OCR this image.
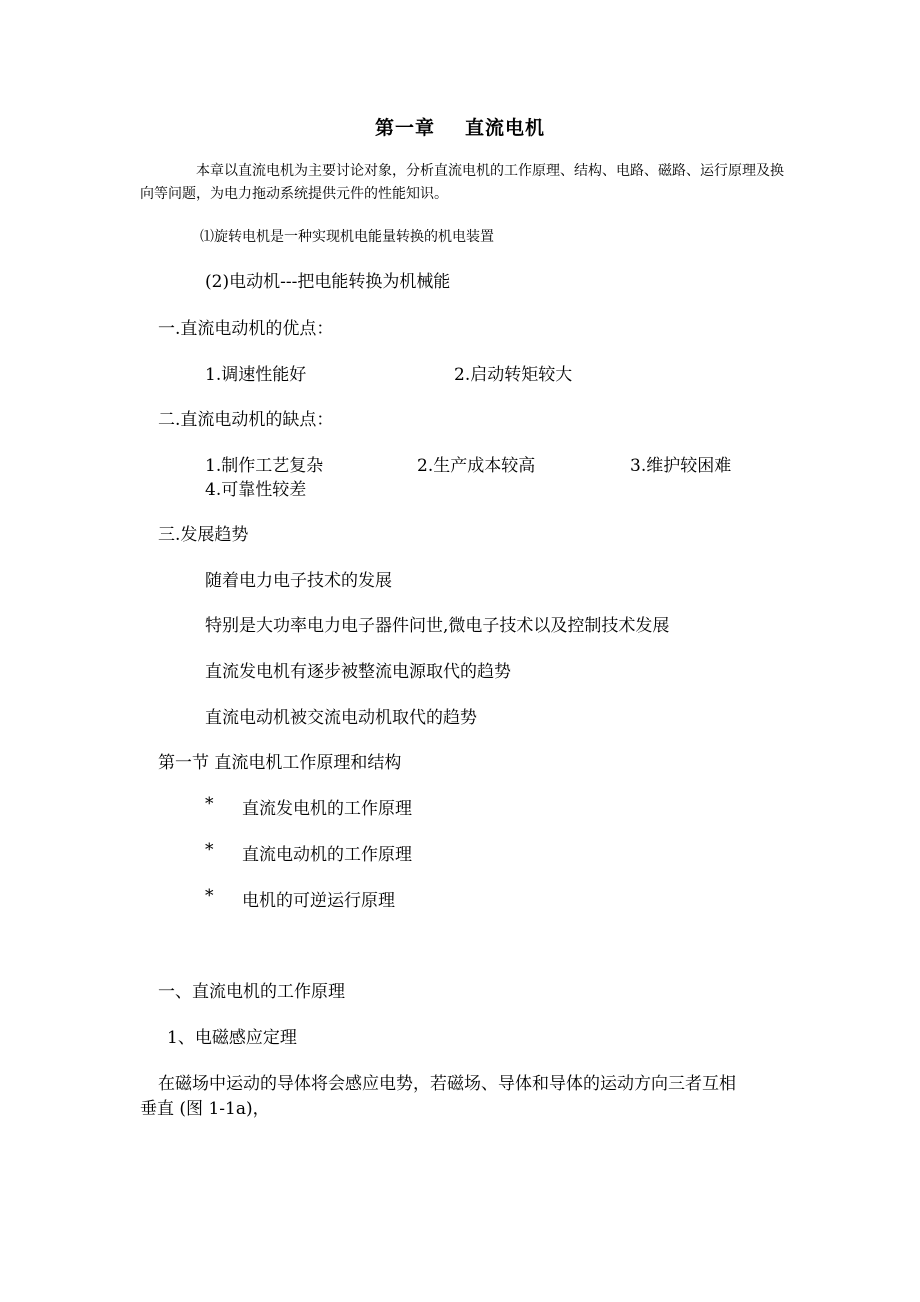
第一章 直流电机

本章以直流电机为主要讨论对象，分析直流电机的工作原理、结构、电路、磁路、运行原理及换向等问题，为电力拖动系统提供元件的性能知识。

⑴旋转电机是一种实现机电能量转换的机电装置

(2)电动机---把电能转换为机械能

一.直流电动机的优点：

1.调速性能好	2.启动转矩较大

二.直流电动机的缺点：

1.制作工艺复杂	2.生产成本较高	3.维护较困难

4.可靠性较差

三.发展趋势

随着电力电子技术的发展

特别是大功率电力电子器件问世,微电子技术以及控制技术发展

直流发电机有逐步被整流电源取代的趋势

直流电动机被交流电动机取代的趋势

第一节 直流电机工作原理和结构

* 直流发电机的工作原理

* 直流电动机的工作原理

* 电机的可逆运行原理

一、直流电机的工作原理

1、电磁感应定理

在磁场中运动的导体将会感应电势，若磁场、导体和导体的运动方向三者互相

垂直 (图 1-1a)，
